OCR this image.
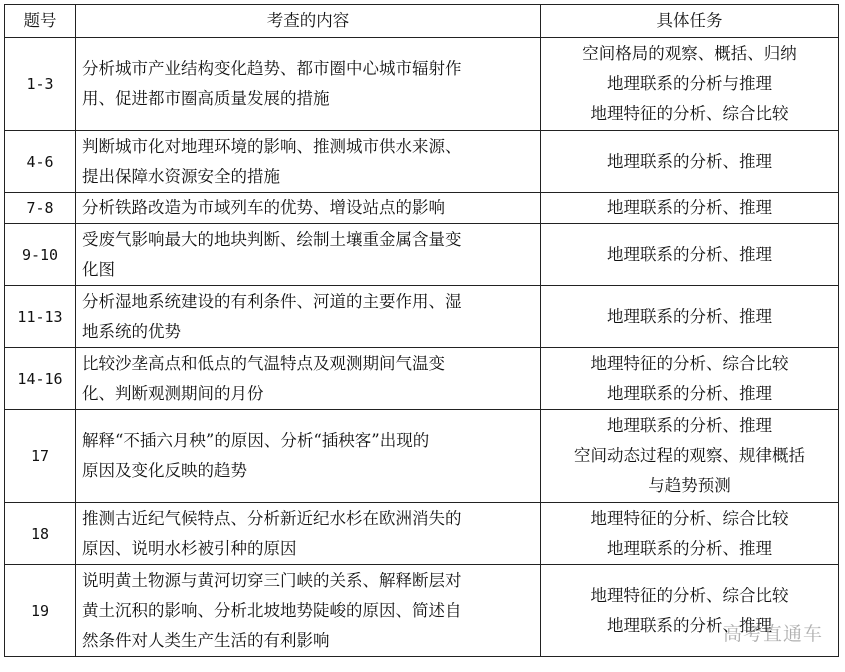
题号	考查的内容	具体任务
1-3	分析城市产业结构变化趋势、都市圈中心城市辐射作
用、促进都市圈高质量发展的措施	空间格局的观察、概括、归纳
地理联系的分析与推理
地理特征的分析、综合比较

4-6	判断城市化对地理环境的影响、推测城市供水来源、
提出保障水资源安全的措施	地理联系的分析、推理

7-8	分析铁路改造为市域列车的优势、增设站点的影响	地理联系的分析、推理

9-10	受废气影响最大的地块判断、绘制土壤重金属含量变
化图	地理联系的分析、推理

11-13	分析湿地系统建设的有利条件、河道的主要作用、湿
地系统的优势	地理联系的分析、推理

14-16	比较沙垄高点和低点的气温特点及观测期间气温变
化、判断观测期间的月份	地理特征的分析、综合比较
地理联系的分析、推理

17	解释“不插六月秧”的原因、分析“插秧客”出现的
原因及变化反映的趋势	地理联系的分析、推理
空间动态过程的观察、规律概括
与趋势预测

18	推测古近纪气候特点、分析新近纪水杉在欧洲消失的
原因、说明水杉被引种的原因	地理特征的分析、综合比较
地理联系的分析、推理

19	说明黄土物源与黄河切穿三门峡的关系、解释断层对
黄土沉积的影响、分析北坡地势陡峻的原因、简述自
然条件对人类生产生活的有利影响	地理特征的分析、综合比较
地理联系的分析、推理
高考直通车
